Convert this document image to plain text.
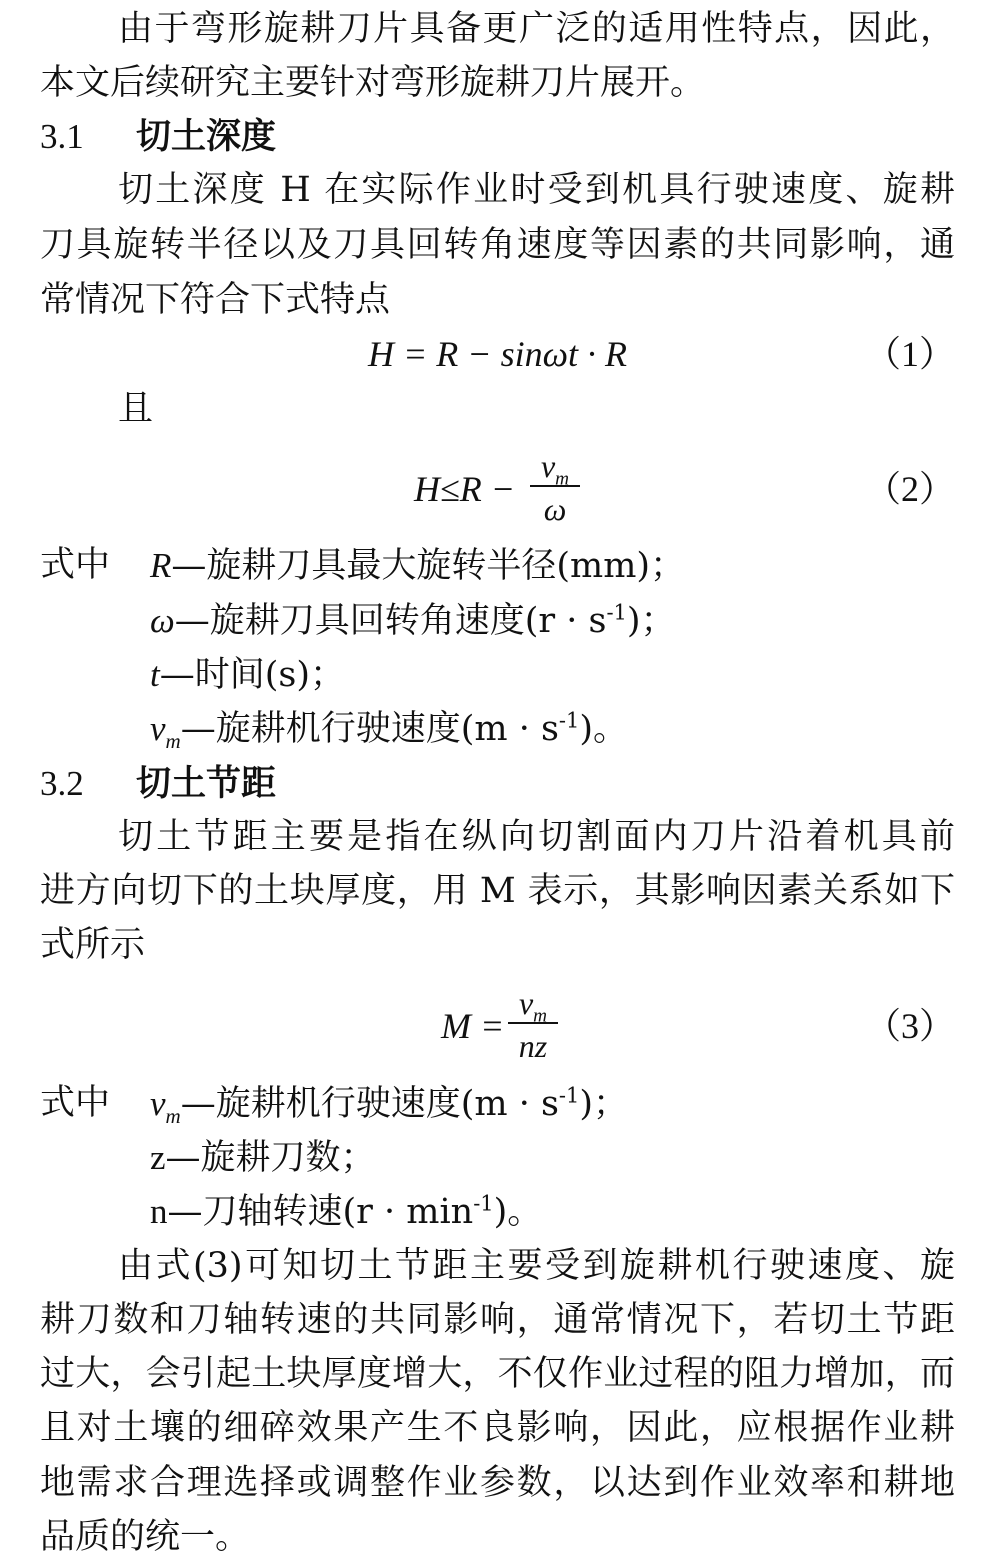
由于弯形旋耕刀片具备更广泛的适用性特点，因此，
本文后续研究主要针对弯形旋耕刀片展开。
3.1 切土深度
切土深度 H 在实际作业时受到机具行驶速度、旋耕
刀具旋转半径以及刀具回转角速度等因素的共同影响，通
常情况下符合下式特点
H = R − sinωt · R	（1）
且
H≤R −
$v_m$
ω	（2）
式中	R—旋耕刀具最大旋转半径(mm)；
ω—旋耕刀具回转角速度$(r \cdot s^{-1})$；
t—时间(s)；
$v_m—$旋耕机行驶速度$(m \cdot s^{-1})$。
3.2 切土节距
切土节距主要是指在纵向切割面内刀片沿着机具前
进方向切下的土块厚度，用 M 表示，其影响因素关系如下
式所示
M =
$v_m$
nz	（3）
式中	$v_m—$旋耕机行驶速度$(m \cdot s^{-1})$；
z—旋耕刀数；
n—刀轴转速$(r \cdot \min^{-1})$。
由式(3)可知切土节距主要受到旋耕机行驶速度、旋
耕刀数和刀轴转速的共同影响，通常情况下，若切土节距
过大，会引起土块厚度增大，不仅作业过程的阻力增加，而
且对土壤的细碎效果产生不良影响，因此，应根据作业耕
地需求合理选择或调整作业参数，以达到作业效率和耕地
品质的统一。
